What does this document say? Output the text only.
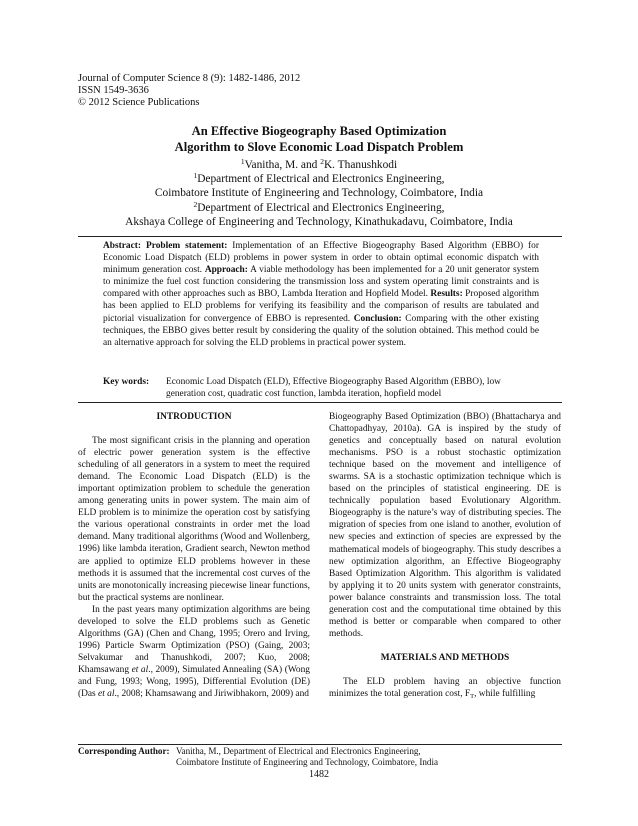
Journal of Computer Science 8 (9): 1482-1486, 2012
ISSN 1549-3636
© 2012 Science Publications
An Effective Biogeography Based Optimization
Algorithm to Slove Economic Load Dispatch Problem
$^1$Vanitha, M. and $^2$K. Thanushkodi
$^1$Department of Electrical and Electronics Engineering,
Coimbatore Institute of Engineering and Technology, Coimbatore, India
$^2$Department of Electrical and Electronics Engineering,
Akshaya College of Engineering and Technology, Kinathukadavu, Coimbatore, India
Abstract: Problem statement: Implementation of an Effective Biogeography Based Algorithm (EBBO) for Economic Load Dispatch (ELD) problems in power system in order to obtain optimal economic dispatch with minimum generation cost. Approach: A viable methodology has been implemented for a 20 unit generator system to minimize the fuel cost function considering the transmission loss and system operating limit constraints and is compared with other approaches such as BBO, Lambda Iteration and Hopfield Model. Results: Proposed algorithm has been applied to ELD problems for verifying its feasibility and the comparison of results are tabulated and pictorial visualization for convergence of EBBO is represented. Conclusion: Comparing with the other existing techniques, the EBBO gives better result by considering the quality of the solution obtained. This method could be an alternative approach for solving the ELD problems in practical power system.
Key words: Economic Load Dispatch (ELD), Effective Biogeography Based Algorithm (EBBO), low generation cost, quadratic cost function, lambda iteration, hopfield model
INTRODUCTION

The most significant crisis in the planning and operation of electric power generation system is the effective scheduling of all generators in a system to meet the required demand. The Economic Load Dispatch (ELD) is the important optimization problem to schedule the generation among generating units in power system. The main aim of ELD problem is to minimize the operation cost by satisfying the various operational constraints in order met the load demand. Many traditional algorithms (Wood and Wollenberg, 1996) like lambda iteration, Gradient search, Newton method are applied to optimize ELD problems however in these methods it is assumed that the incremental cost curves of the units are monotonically increasing piecewise linear functions, but the practical systems are nonlinear.

In the past years many optimization algorithms are being developed to solve the ELD problems such as Genetic Algorithms (GA) (Chen and Chang, 1995; Orero and Irving, 1996) Particle Swarm Optimization (PSO) (Gaing, 2003; Selvakumar and Thanushkodi, 2007; Kuo, 2008; Khamsawang et al., 2009), Simulated Annealing (SA) (Wong and Fung, 1993; Wong, 1995), Differential Evolution (DE) (Das et al., 2008; Khamsawang and Jiriwibhakorn, 2009) and

Biogeography Based Optimization (BBO) (Bhattacharya and Chattopadhyay, 2010a). GA is inspired by the study of genetics and conceptually based on natural evolution mechanisms. PSO is a robust stochastic optimization technique based on the movement and intelligence of swarms. SA is a stochastic optimization technique which is based on the principles of statistical engineering. DE is technically population based Evolutionary Algorithm. Biogeography is the nature’s way of distributing species. The migration of species from one island to another, evolution of new species and extinction of species are expressed by the mathematical models of biogeography. This study describes a new optimization algorithm, an Effective Biogeography Based Optimization Algorithm. This algorithm is validated by applying it to 20 units system with generator constraints, power balance constraints and transmission loss. The total generation cost and the computational time obtained by this method is better or comparable when compared to other methods.

MATERIALS AND METHODS

The ELD problem having an objective function minimizes the total generation cost, $F_T$, while fulfilling

Corresponding Author: Vanitha, M., Department of Electrical and Electronics Engineering,
Coimbatore Institute of Engineering and Technology, Coimbatore, India
1482
